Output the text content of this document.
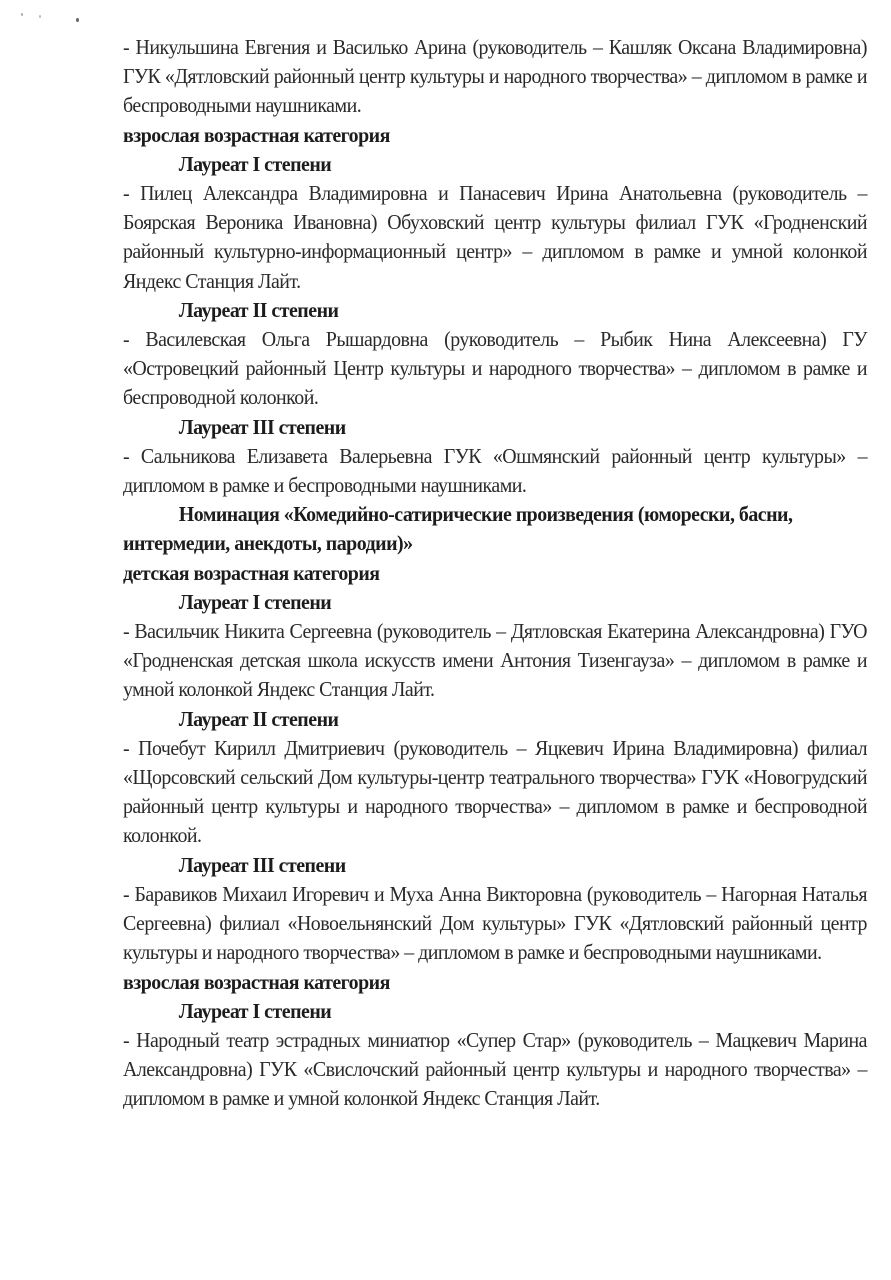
- Никульшина Евгения и Василько Арина (руководитель – Кашляк Оксана Владимировна) ГУК «Дятловский районный центр культуры и народного творчества» – дипломом в рамке и беспроводными наушниками.

взрослая возрастная категория

Лауреат I степени

- Пилец Александра Владимировна и Панасевич Ирина Анатольевна (руководитель – Боярская Вероника Ивановна) Обуховский центр культуры филиал ГУК «Гродненский районный культурно-информационный центр» – дипломом в рамке и умной колонкой Яндекс Станция Лайт.

Лауреат II степени

- Василевская Ольга Рышардовна (руководитель – Рыбик Нина Алексеевна) ГУ «Островецкий районный Центр культуры и народного творчества» – дипломом в рамке и беспроводной колонкой.

Лауреат III степени

- Сальникова Елизавета Валерьевна ГУК «Ошмянский районный центр культуры» – дипломом в рамке и беспроводными наушниками.

Номинация «Комедийно-сатирические произведения (юморески, басни, интермедии, анекдоты, пародии)»

детская возрастная категория

Лауреат I степени

- Васильчик Никита Сергеевна (руководитель – Дятловская Екатерина Александровна) ГУО «Гродненская детская школа искусств имени Антония Тизенгауза» – дипломом в рамке и умной колонкой Яндекс Станция Лайт.

Лауреат II степени

- Почебут Кирилл Дмитриевич (руководитель – Яцкевич Ирина Владимировна) филиал «Щорсовский сельский Дом культуры-центр театрального творчества» ГУК «Новогрудский районный центр культуры и народного творчества» – дипломом в рамке и беспроводной колонкой.

Лауреат III степени

- Баравиков Михаил Игоревич и Муха Анна Викторовна (руководитель – Нагорная Наталья Сергеевна) филиал «Новоельнянский Дом культуры» ГУК «Дятловский районный центр культуры и народного творчества» – дипломом в рамке и беспроводными наушниками.

взрослая возрастная категория

Лауреат I степени

- Народный театр эстрадных миниатюр «Супер Стар» (руководитель – Мацкевич Марина Александровна) ГУК «Свислочский районный центр культуры и народного творчества» – дипломом в рамке и умной колонкой Яндекс Станция Лайт.
